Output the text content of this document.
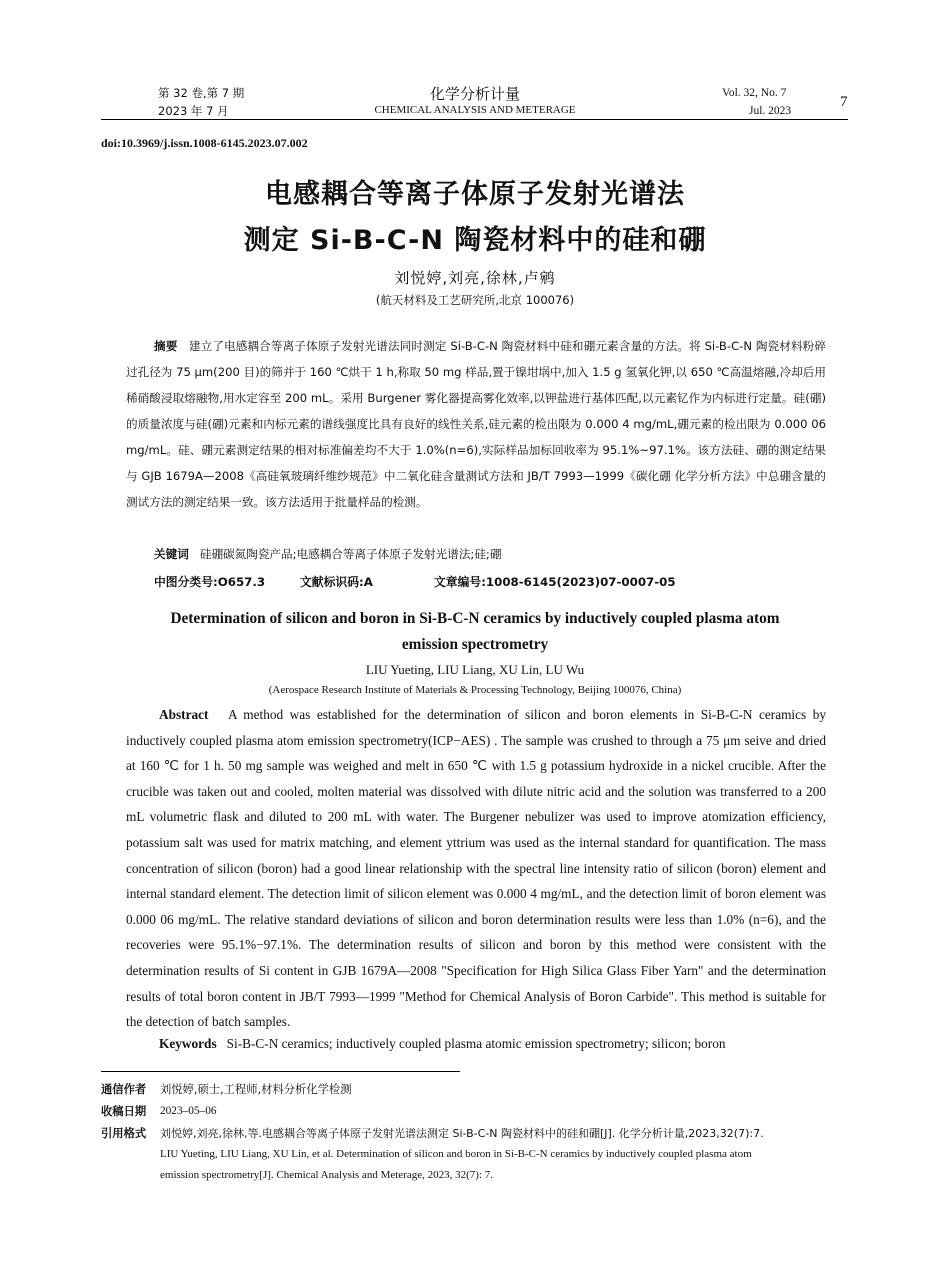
第 32 卷,第 7 期
2023 年 7 月
化学分析计量
CHEMICAL ANALYSIS AND METERAGE
Vol. 32, No. 7
Jul. 2023
7
doi:10.3969/j.issn.1008-6145.2023.07.002
电感耦合等离子体原子发射光谱法
测定 Si-B-C-N 陶瓷材料中的硅和硼
刘悦婷,刘亮,徐林,卢鹓
(航天材料及工艺研究所,北京 100076)
摘要 建立了电感耦合等离子体原子发射光谱法同时测定 Si-B-C-N 陶瓷材料中硅和硼元素含量的方法。将 Si-B-C-N 陶瓷材料粉碎过孔径为 75 μm(200 目)的筛并于 160 ℃烘干 1 h,称取 50 mg 样品,置于镍坩埚中,加入 1.5 g 氢氧化钾,以 650 ℃高温熔融,冷却后用稀硝酸浸取熔融物,用水定容至 200 mL。采用 Burgener 雾化器提高雾化效率,以钾盐进行基体匹配,以元素钇作为内标进行定量。硅(硼)的质量浓度与硅(硼)元素和内标元素的谱线强度比具有良好的线性关系,硅元素的检出限为 0.000 4 mg/mL,硼元素的检出限为 0.000 06 mg/mL。硅、硼元素测定结果的相对标准偏差均不大于 1.0%(n=6),实际样品加标回收率为 95.1%~97.1%。该方法硅、硼的测定结果与 GJB 1679A—2008《高硅氧玻璃纤维纱规范》中二氧化硅含量测试方法和 JB/T 7993—1999《碳化硼 化学分析方法》中总硼含量的测试方法的测定结果一致。该方法适用于批量样品的检测。
关键词 硅硼碳氮陶瓷产品;电感耦合等离子体原子发射光谱法;硅;硼
中图分类号:O657.3	文献标识码:A	文章编号:1008-6145(2023)07-0007-05
Determination of silicon and boron in Si-B-C-N ceramics by inductively coupled plasma atom
emission spectrometry
LIU Yueting, LIU Liang, XU Lin, LU Wu
(Aerospace Research Institute of Materials & Processing Technology, Beijing 100076, China)
Abstract A method was established for the determination of silicon and boron elements in Si-B-C-N ceramics by inductively coupled plasma atom emission spectrometry(ICP−AES) . The sample was crushed to through a 75 μm seive and dried at 160 ℃ for 1 h. 50 mg sample was weighed and melt in 650 ℃ with 1.5 g potassium hydroxide in a nickel crucible. After the crucible was taken out and cooled, molten material was dissolved with dilute nitric acid and the solution was transferred to a 200 mL volumetric flask and diluted to 200 mL with water. The Burgener nebulizer was used to improve atomization efficiency, potassium salt was used for matrix matching, and element yttrium was used as the internal standard for quantification. The mass concentration of silicon (boron) had a good linear relationship with the spectral line intensity ratio of silicon (boron) element and internal standard element. The detection limit of silicon element was 0.000 4 mg/mL, and the detection limit of boron element was 0.000 06 mg/mL. The relative standard deviations of silicon and boron determination results were less than 1.0% (n=6), and the recoveries were 95.1%−97.1%. The determination results of silicon and boron by this method were consistent with the determination results of Si content in GJB 1679A—2008 "Specification for High Silica Glass Fiber Yarn" and the determination results of total boron content in JB/T 7993—1999 "Method for Chemical Analysis of Boron Carbide". This method is suitable for the detection of batch samples.
Keywords Si-B-C-N ceramics; inductively coupled plasma atomic emission spectrometry; silicon; boron
通信作者 刘悦婷,硕士,工程师,材料分析化学检测
收稿日期 2023–05–06
引用格式 刘悦婷,刘亮,徐林,等.电感耦合等离子体原子发射光谱法测定 Si-B-C-N 陶瓷材料中的硅和硼[J]. 化学分析计量,2023,32(7):7.
LIU Yueting, LIU Liang, XU Lin, et al. Determination of silicon and boron in Si-B-C-N ceramics by inductively coupled plasma atom
emission spectrometry[J]. Chemical Analysis and Meterage, 2023, 32(7): 7.
